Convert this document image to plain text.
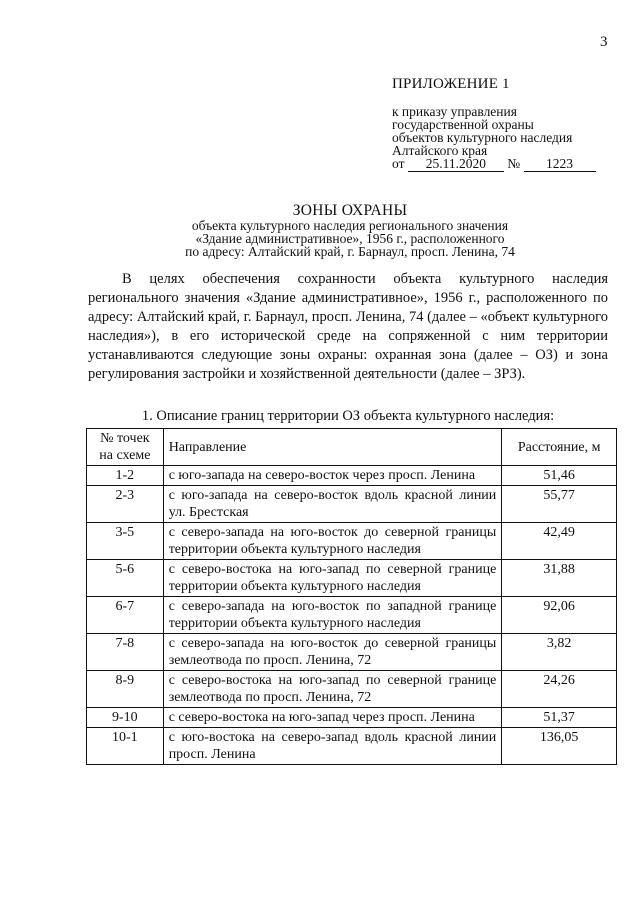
3
ПРИЛОЖЕНИЕ 1
к приказу управления
государственной охраны
объектов культурного наследия
Алтайского края
от 25.11.2020 № 1223
ЗОНЫ ОХРАНЫ
объекта культурного наследия регионального значения
«Здание административное», 1956 г., расположенного
по адресу: Алтайский край, г. Барнаул, просп. Ленина, 74

В целях обеспечения сохранности объекта культурного наследия регионального значения «Здание административное», 1956 г., расположенного по адресу: Алтайский край, г. Барнаул, просп. Ленина, 74 (далее – «объект культурного наследия»), в его исторической среде на сопряженной с ним территории устанавливаются следующие зоны охраны: охранная зона (далее – ОЗ) и зона регулирования застройки и хозяйственной деятельности (далее – ЗРЗ).

1. Описание границ территории ОЗ объекта культурного наследия:
№ точек на схеме	Направление	Расстояние, м
1-2	с юго-запада на северо-восток через просп. Ленина	51,46
2-3	с юго-запада на северо-восток вдоль красной линии ул. Брестская	55,77
3-5	с северо-запада на юго-восток до северной границы территории объекта культурного наследия	42,49
5-6	с северо-востока на юго-запад по северной границе территории объекта культурного наследия	31,88
6-7	с северо-запада на юго-восток по западной границе территории объекта культурного наследия	92,06
7-8	с северо-запада на юго-восток до северной границы землеотвода по просп. Ленина, 72	3,82
8-9	с северо-востока на юго-запад по северной границе землеотвода по просп. Ленина, 72	24,26
9-10	с северо-востока на юго-запад через просп. Ленина	51,37
10-1	с юго-востока на северо-запад вдоль красной линии просп. Ленина	136,05
